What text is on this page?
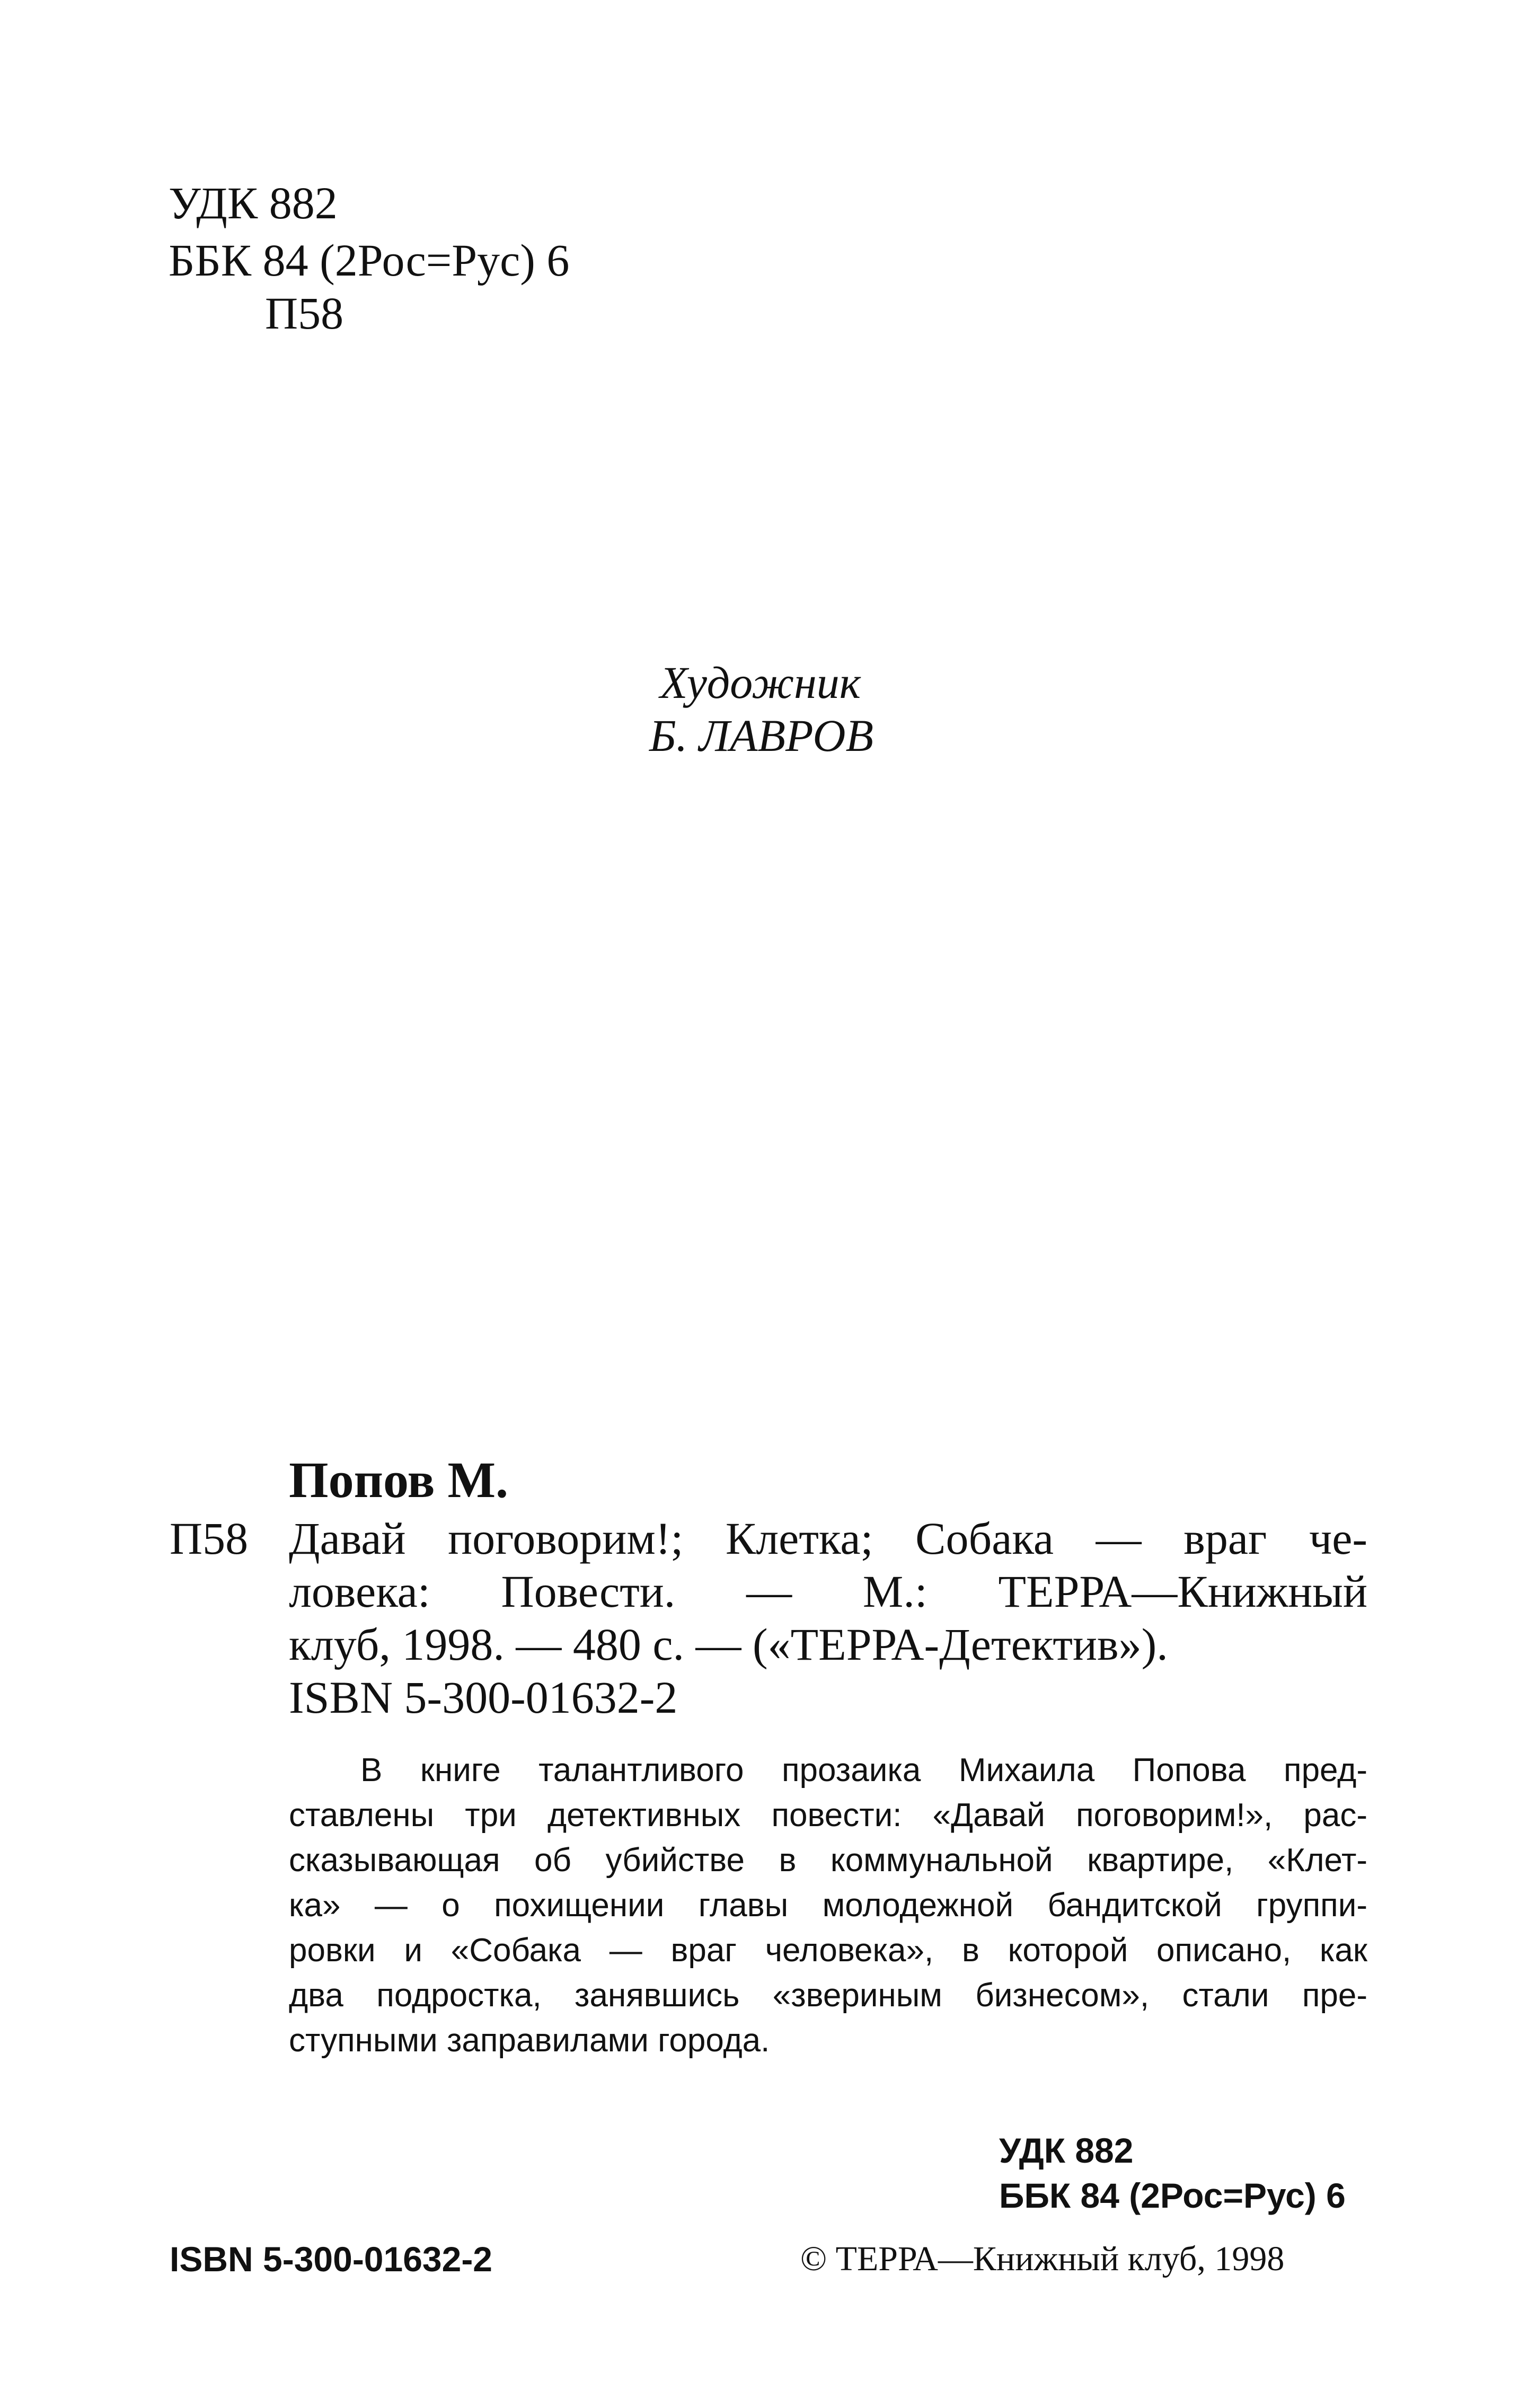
УДК 882
ББК 84 (2Рос=Рус) 6
П58
Художник
Б. ЛАВРОВ
Попов М.
П58 Давай поговорим!; Клетка; Собака — враг че-
ловека: Повести. — М.: ТЕРРА—Книжный
клуб, 1998. — 480 с. — («ТЕРРА-Детектив»).
ISBN 5-300-01632-2
В книге талантливого прозаика Михаила Попова пред-
ставлены три детективных повести: «Давай поговорим!», рас-
сказывающая об убийстве в коммунальной квартире, «Клет-
ка» — о похищении главы молодежной бандитской группи-
ровки и «Собака — враг человека», в которой описано, как
два подростка, занявшись «звериным бизнесом», стали пре-
ступными заправилами города.
УДК 882
ББК 84 (2Рос=Рус) 6
ISBN 5-300-01632-2	© ТЕРРА—Книжный клуб, 1998
